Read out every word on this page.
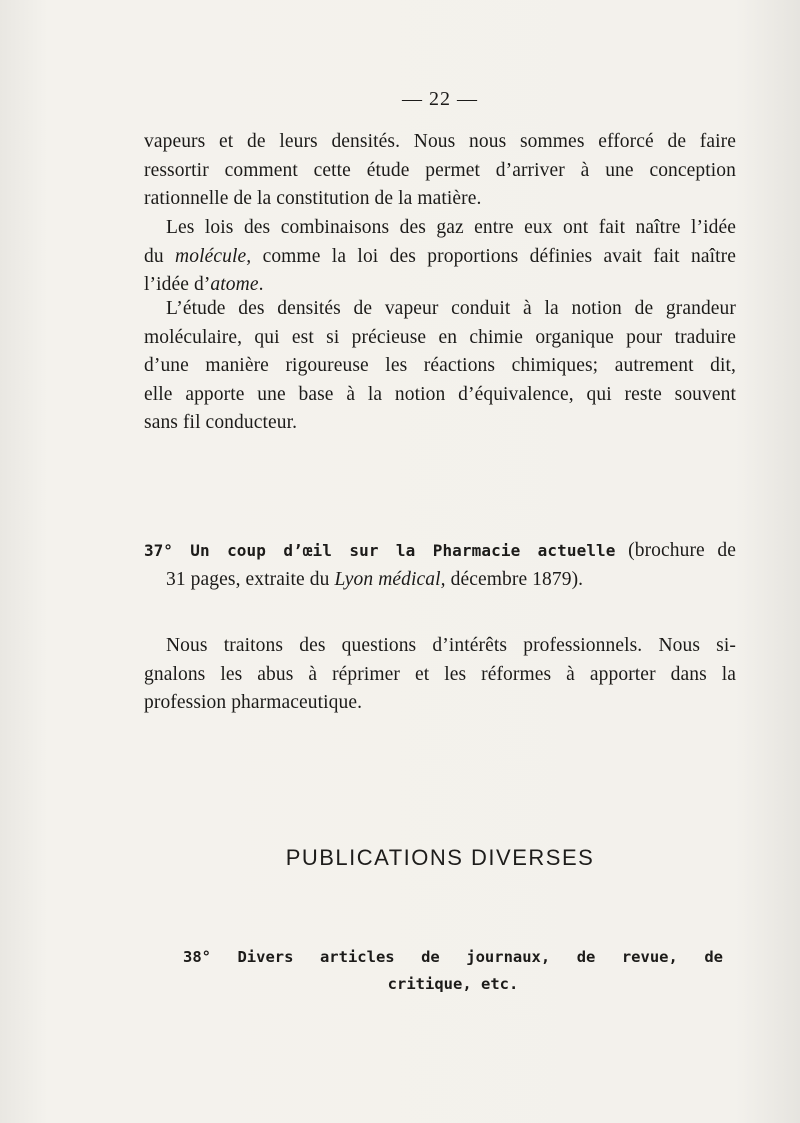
— 22 —
vapeurs et de leurs densités. Nous nous sommes efforcé de faire
ressortir comment cette étude permet d’arriver à une conception
rationnelle de la constitution de la matière.
Les lois des combinaisons des gaz entre eux ont fait naître l’idée
du molécule, comme la loi des proportions définies avait fait naître
l’idée d’atome.
L’étude des densités de vapeur conduit à la notion de grandeur
moléculaire, qui est si précieuse en chimie organique pour traduire
d’une manière rigoureuse les réactions chimiques; autrement dit,
elle apporte une base à la notion d’équivalence, qui reste souvent
sans fil conducteur.
37° Un coup d’œil sur la Pharmacie actuelle (brochure de
31 pages, extraite du Lyon médical, décembre 1879).
Nous traitons des questions d’intérêts professionnels. Nous si-
gnalons les abus à réprimer et les réformes à apporter dans la
profession pharmaceutique.
PUBLICATIONS DIVERSES
38° Divers articles de journaux, de revue, de
critique, etc.
